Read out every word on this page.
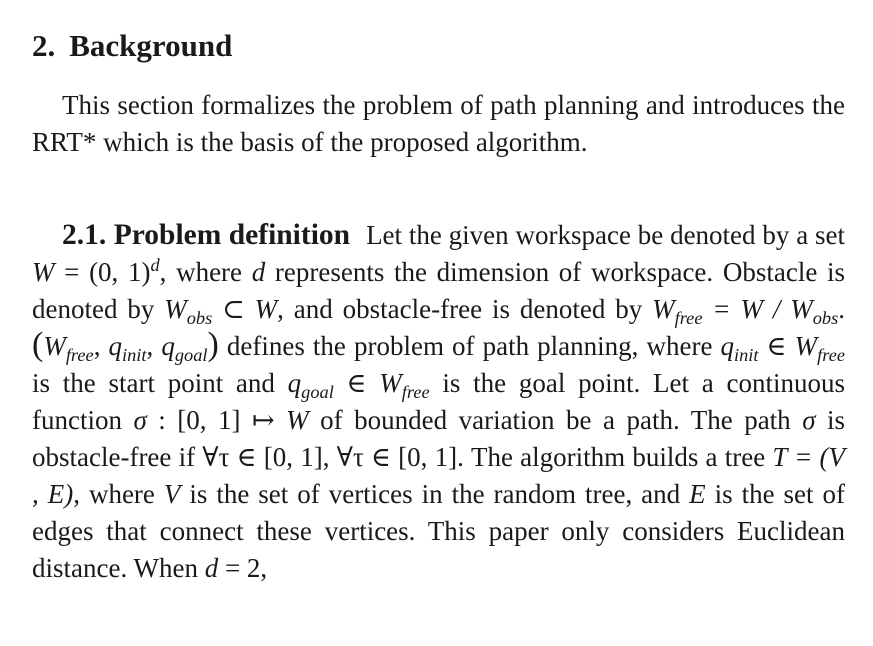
2. Background

This section formalizes the problem of path planning and introduces the RRT* which is the basis of the proposed algorithm.

2.1. Problem definition Let the given workspace be denoted by a set W = (0, 1)$^d$, where d represents the dimension of workspace. Obstacle is denoted by $W_{obs}$ ⊂ W, and obstacle-free is denoted by $W_{free} = W / W_{obs}$. ($W_{free}$, $q_{init}$, $q_{goal}$) defines the problem of path planning, where $q_{init}$ ∈ $W_{free}$ is the start point and $q_{goal}$ ∈ $W_{free}$ is the goal point. Let a continuous function σ : [0, 1] ↦ W of bounded variation be a path. The path σ is obstacle-free if ∀τ ∈ [0, 1], ∀τ ∈ [0, 1]. The algorithm builds a tree T = (V , E), where V is the set of vertices in the random tree, and E is the set of edges that connect these vertices. This paper only considers Euclidean distance. When d = 2,
